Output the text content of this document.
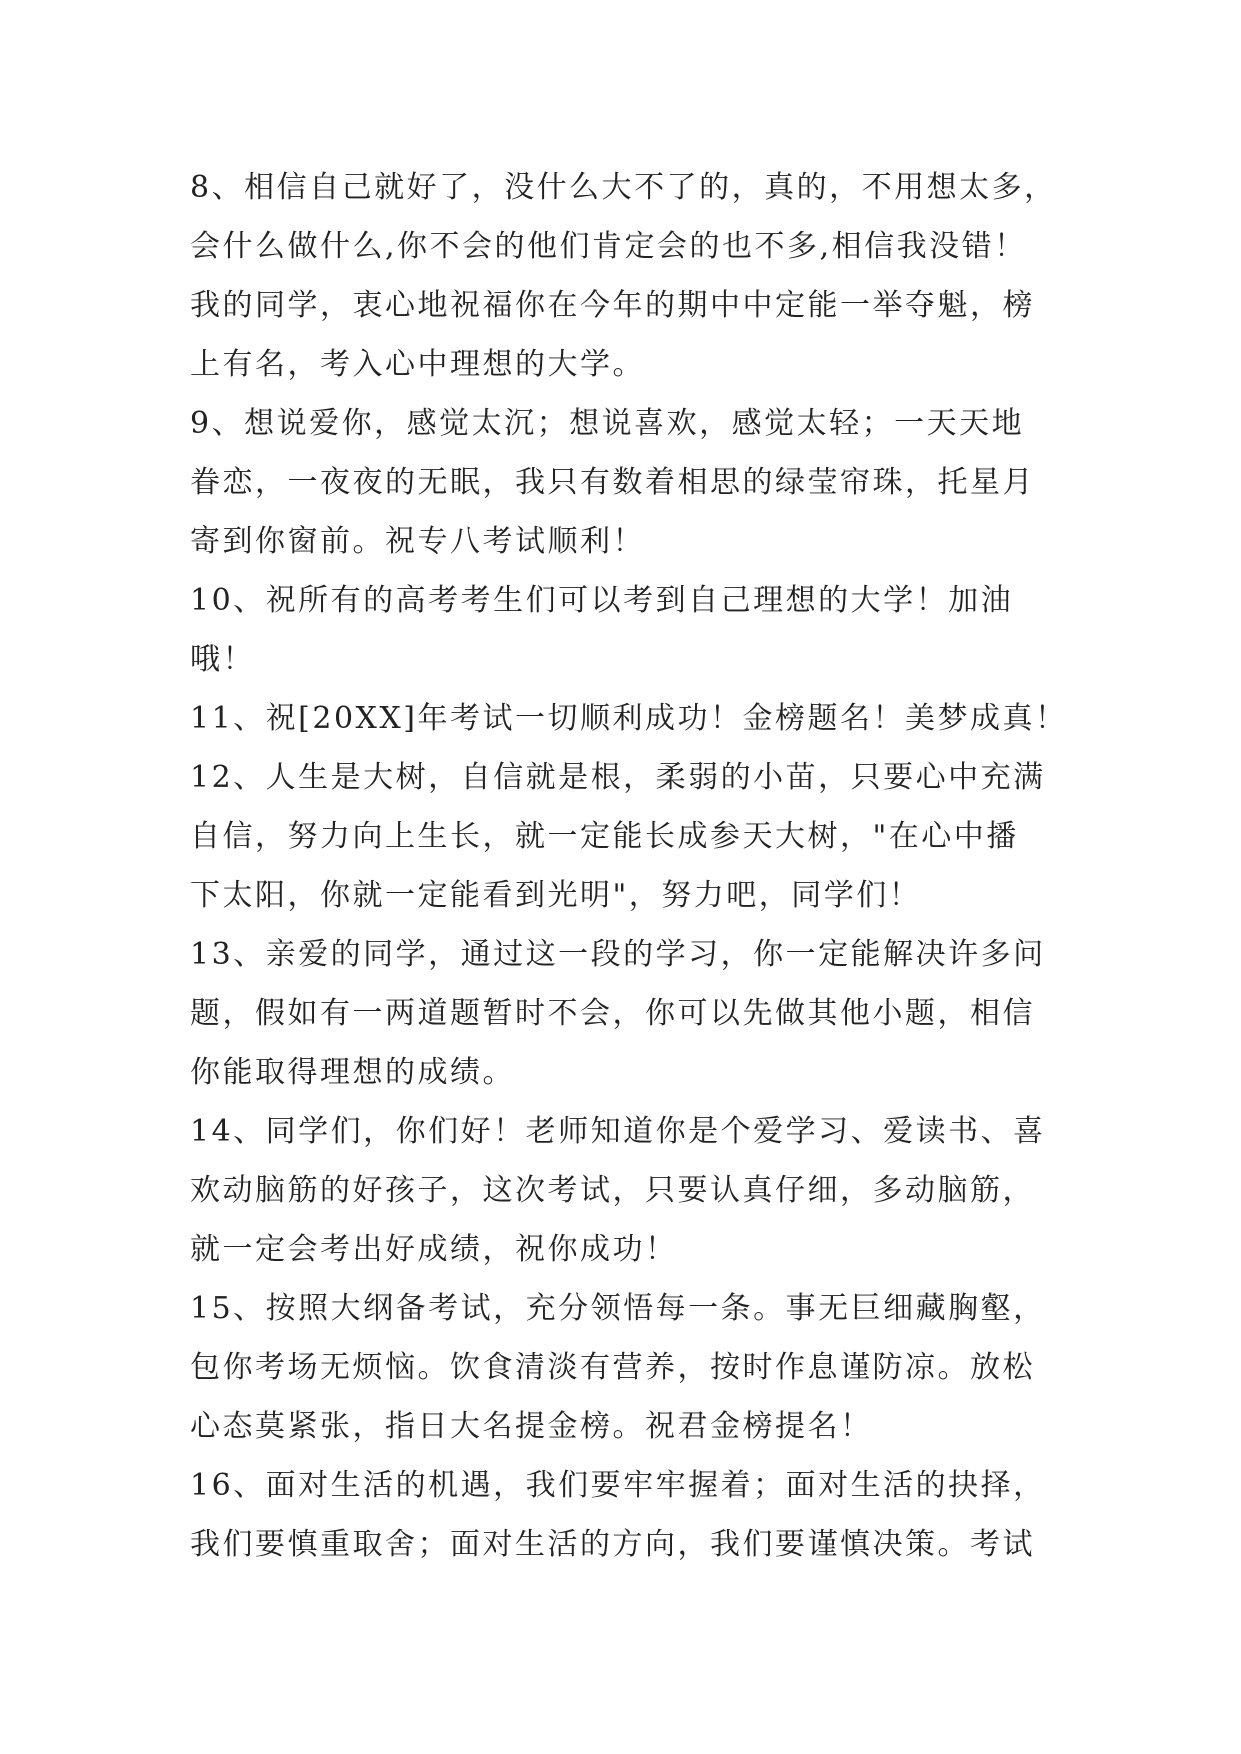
8、相信自己就好了，没什么大不了的，真的，不用想太多，
会什么做什么,你不会的他们肯定会的也不多,相信我没错！
我的同学，衷心地祝福你在今年的期中中定能一举夺魁，榜
上有名，考入心中理想的大学。
9、想说爱你，感觉太沉；想说喜欢，感觉太轻；一天天地
眷恋，一夜夜的无眠，我只有数着相思的绿莹帘珠，托星月
寄到你窗前。祝专八考试顺利！
10、祝所有的高考考生们可以考到自己理想的大学！加油
哦！
11、祝[20XX]年考试一切顺利成功！金榜题名！美梦成真！
12、人生是大树，自信就是根，柔弱的小苗，只要心中充满
自信，努力向上生长，就一定能长成参天大树，"在心中播
下太阳，你就一定能看到光明"，努力吧，同学们！
13、亲爱的同学，通过这一段的学习，你一定能解决许多问
题，假如有一两道题暂时不会，你可以先做其他小题，相信
你能取得理想的成绩。
14、同学们，你们好！老师知道你是个爱学习、爱读书、喜
欢动脑筋的好孩子，这次考试，只要认真仔细，多动脑筋，
就一定会考出好成绩，祝你成功！
15、按照大纲备考试，充分领悟每一条。事无巨细藏胸壑，
包你考场无烦恼。饮食清淡有营养，按时作息谨防凉。放松
心态莫紧张，指日大名提金榜。祝君金榜提名！
16、面对生活的机遇，我们要牢牢握着；面对生活的抉择，
我们要慎重取舍；面对生活的方向，我们要谨慎决策。考试
